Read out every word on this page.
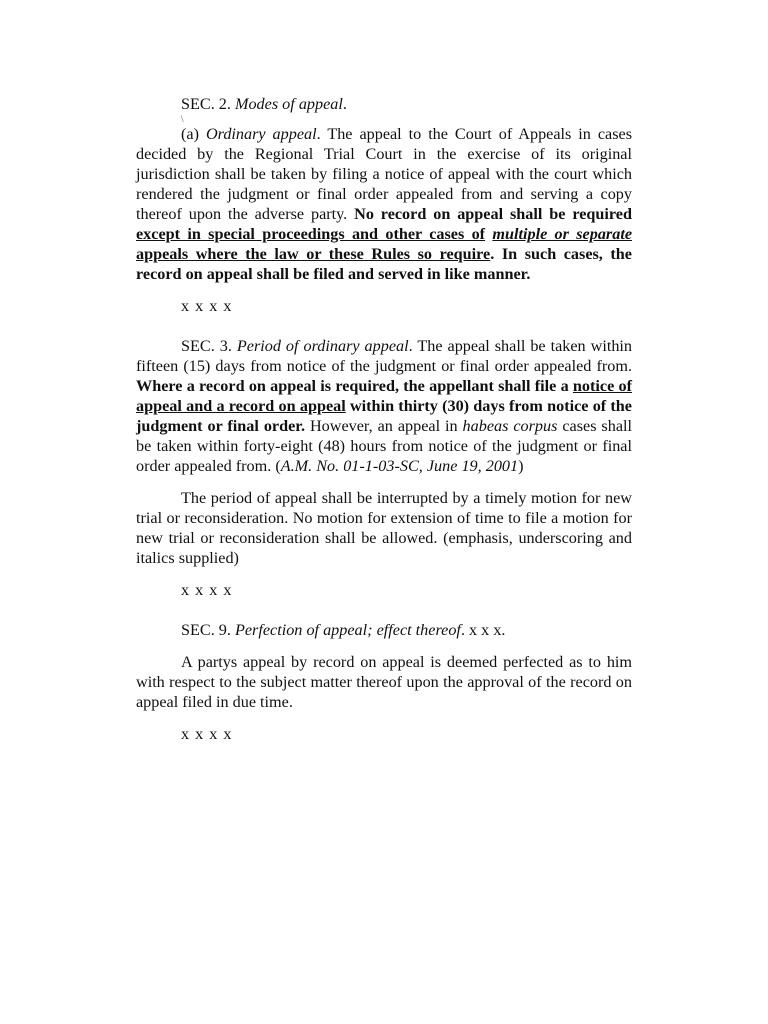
SEC. 2. Modes of appeal.

\

(a) Ordinary appeal. The appeal to the Court of Appeals in cases decided by the Regional Trial Court in the exercise of its original jurisdiction shall be taken by filing a notice of appeal with the court which rendered the judgment or final order appealed from and serving a copy thereof upon the adverse party. No record on appeal shall be required except in special proceedings and other cases of multiple or separate appeals where the law or these Rules so require. In such cases, the record on appeal shall be filed and served in like manner.

x x x x

SEC. 3. Period of ordinary appeal. The appeal shall be taken within fifteen (15) days from notice of the judgment or final order appealed from. Where a record on appeal is required, the appellant shall file a notice of appeal and a record on appeal within thirty (30) days from notice of the judgment or final order. However, an appeal in habeas corpus cases shall be taken within forty-eight (48) hours from notice of the judgment or final order appealed from. (A.M. No. 01-1-03-SC, June 19, 2001)

The period of appeal shall be interrupted by a timely motion for new trial or reconsideration. No motion for extension of time to file a motion for new trial or reconsideration shall be allowed. (emphasis, underscoring and italics supplied)

x x x x

SEC. 9. Perfection of appeal; effect thereof. x x x.

A partys appeal by record on appeal is deemed perfected as to him with respect to the subject matter thereof upon the approval of the record on appeal filed in due time.

x x x x
